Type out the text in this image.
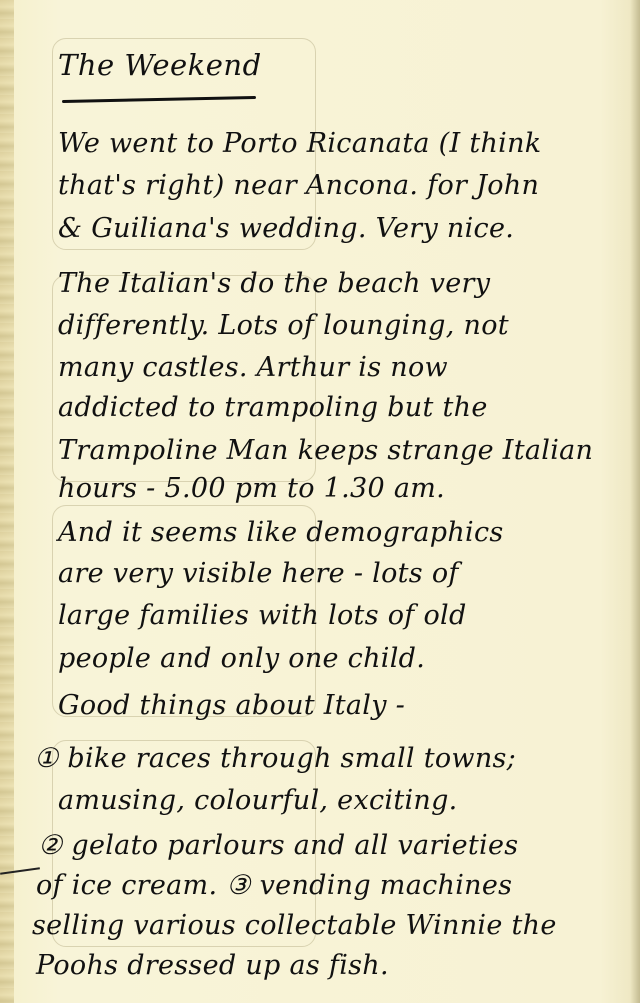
The Weekend
We went to Porto Ricanata (I think
that's right) near Ancona. for John
& Guiliana's wedding. Very nice.
The Italian's do the beach very
differently. Lots of lounging, not
many castles. Arthur is now
addicted to trampoling but the
Trampoline Man keeps strange Italian
hours - 5.00 pm to 1.30 am.
And it seems like demographics
are very visible here - lots of
large families with lots of old
people and only one child.
Good things about Italy -
① bike races through small towns;
amusing, colourful, exciting.
② gelato parlours and all varieties
of ice cream. ③ vending machines
selling various collectable Winnie the
Poohs dressed up as fish.
